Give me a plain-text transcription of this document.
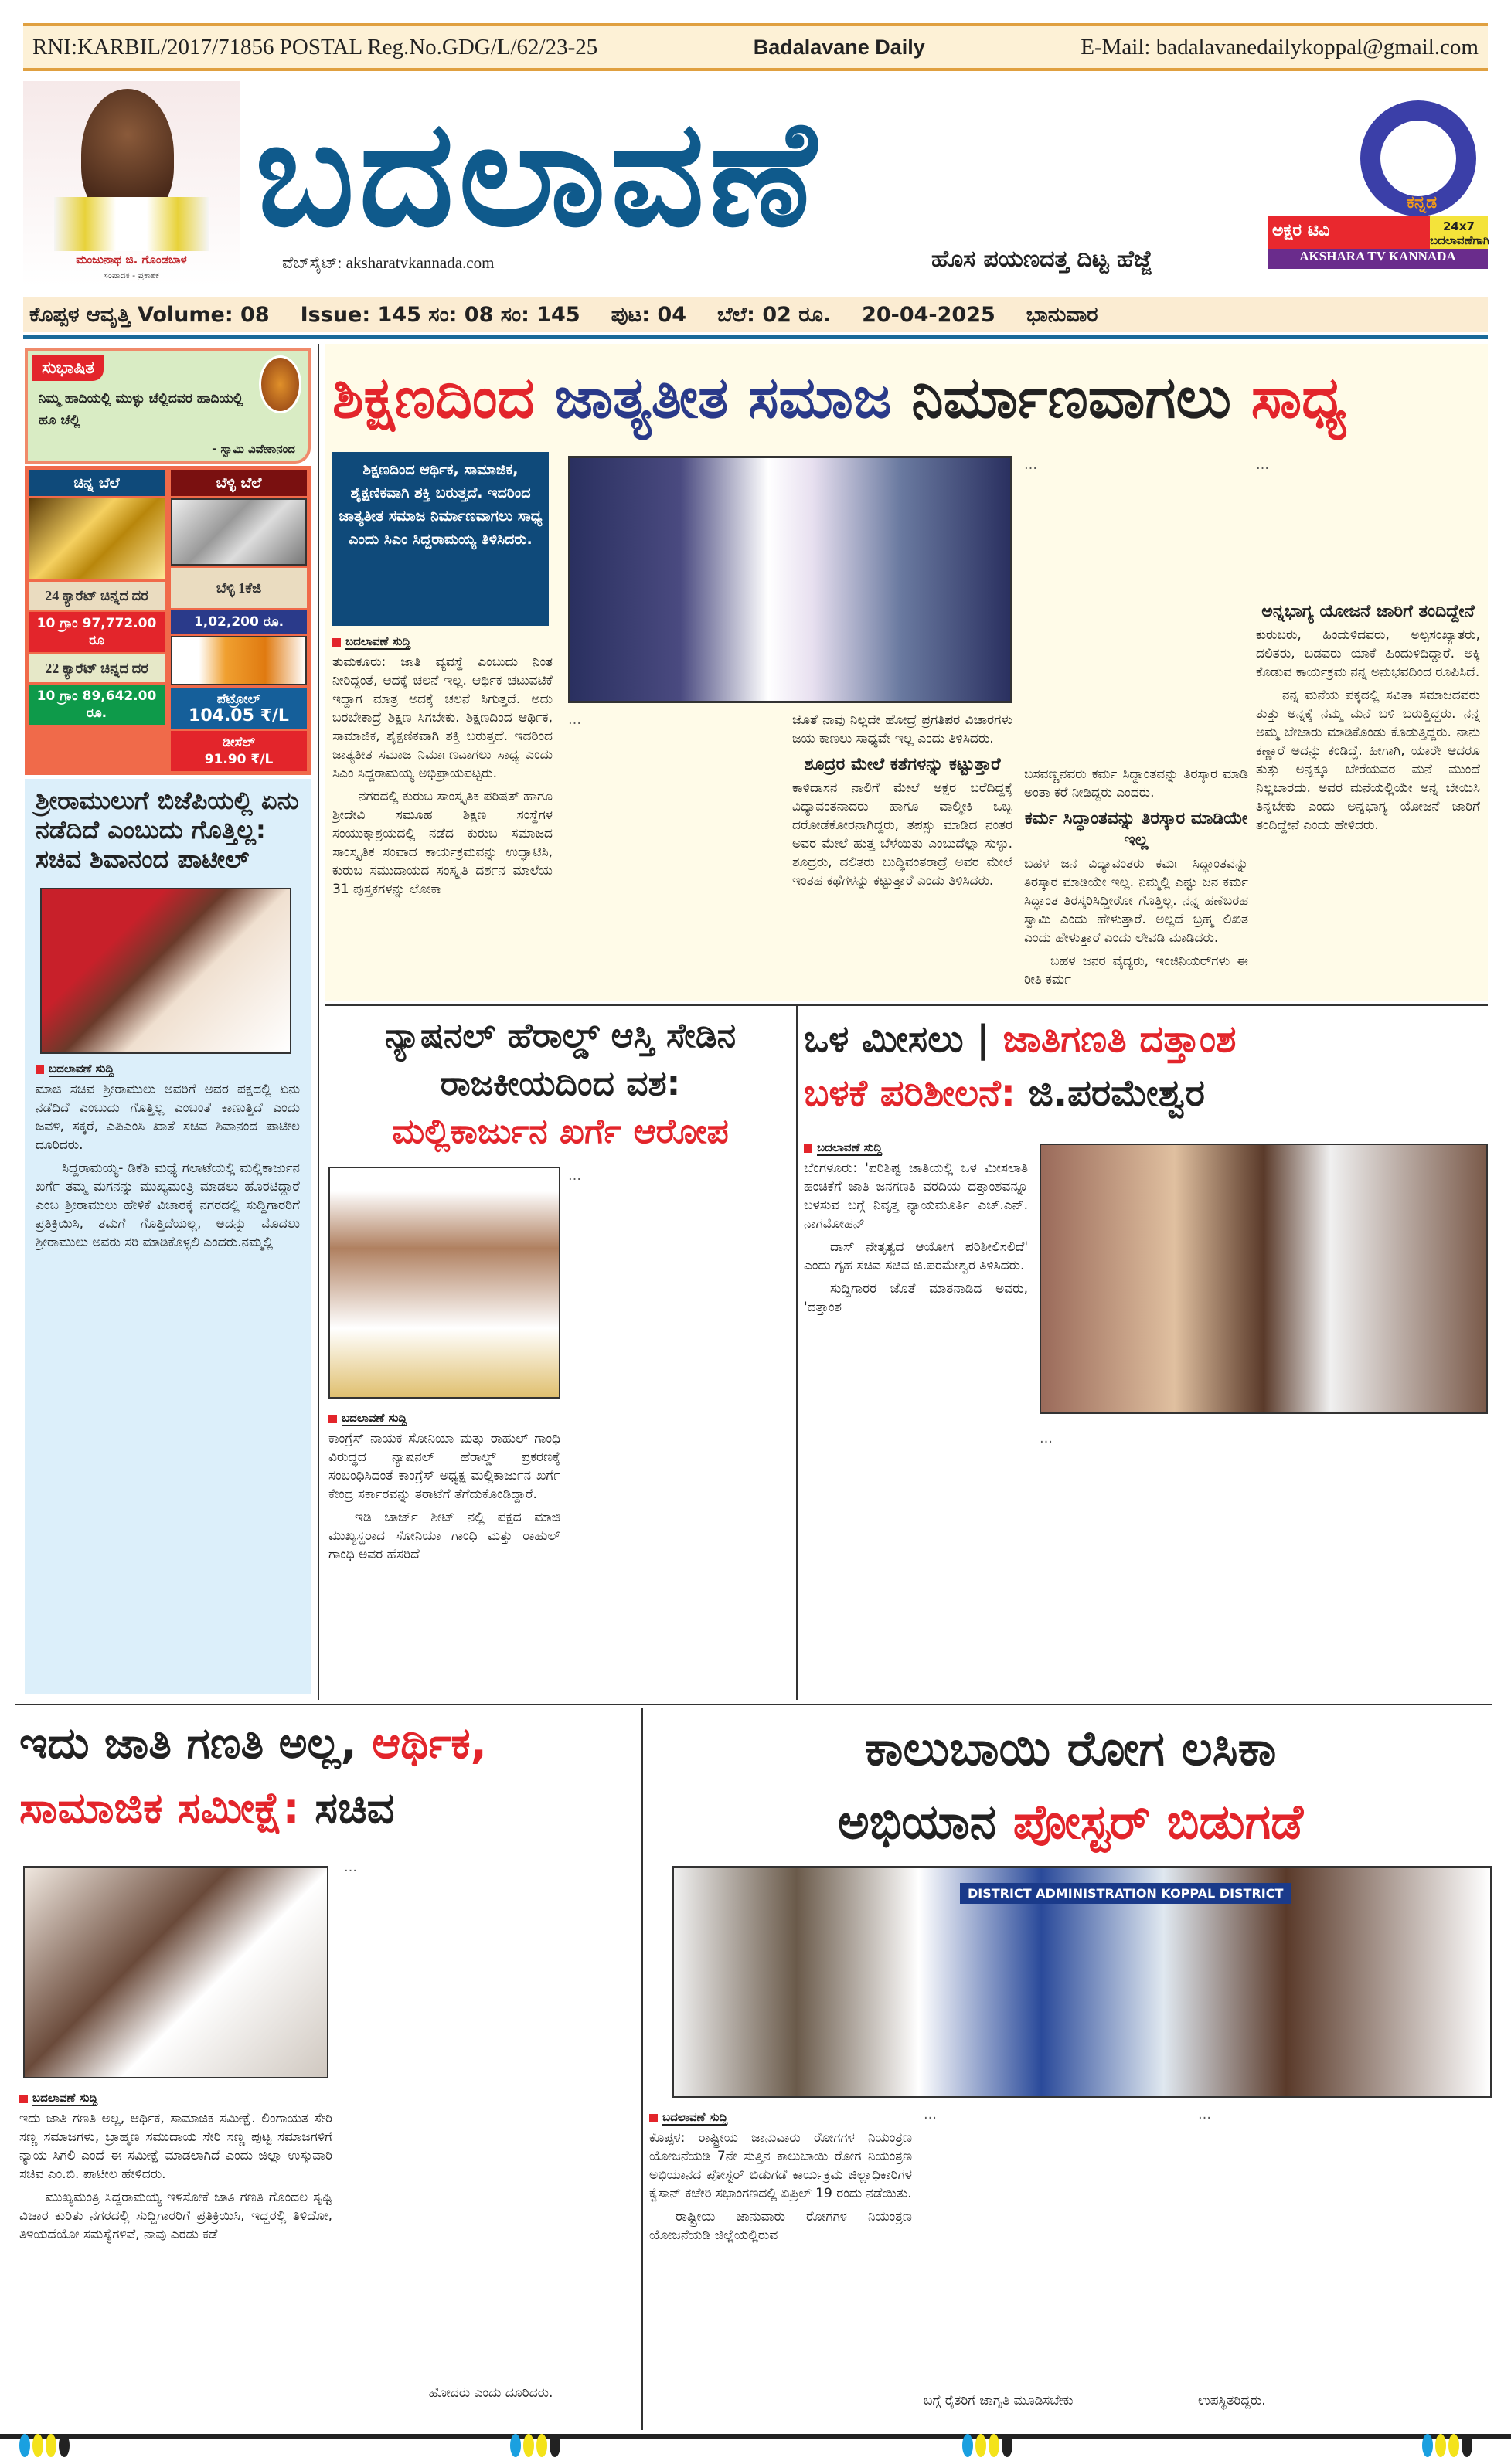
RNI:KARBIL/2017/71856 POSTAL Reg.No.GDG/L/62/23-25	Badalavane Daily	E-Mail: badalavanedailykoppal@gmail.com
ಮಂಜುನಾಥ ಜಿ. ಗೊಂಡಬಾಳ
ಸಂಪಾದಕ - ಪ್ರಕಾಶಕ
ಬದಲಾವಣೆ
ವೆಬ್‌ಸೈಟ್: aksharatvkannada.com	ಹೊಸ ಪಯಣದತ್ತ ದಿಟ್ಟ ಹೆಜ್ಜೆ
ಕನ್ನಡ
ಅಕ್ಷರ ಟಿವಿ	24x7 ಬದಲಾವಣೆಗಾಗಿ
AKSHARA TV KANNADA
ಕೊಪ್ಪಳ ಆವೃತ್ತಿ Volume: 08 Issue: 145 ಸಂ: 08 ಸಂ: 145 ಪುಟ: 04 ಬೆಲೆ: 02 ರೂ. 20-04-2025 ಭಾನುವಾರ
ಸುಭಾಷಿತ
ನಿಮ್ಮ ಹಾದಿಯಲ್ಲಿ ಮುಳ್ಳು ಚೆಲ್ಲಿದವರ ಹಾದಿಯಲ್ಲಿ ಹೂ ಚೆಲ್ಲಿ
- ಸ್ವಾಮಿ ವಿವೇಕಾನಂದ
ಚಿನ್ನ ಬೆಲೆ
24 ಕ್ಯಾರೆಟ್ ಚಿನ್ನದ ದರ
10 ಗ್ರಾಂ 97,772.00 ರೂ
22 ಕ್ಯಾರೆಟ್ ಚಿನ್ನದ ದರ
10 ಗ್ರಾಂ 89,642.00 ರೂ.
ಬೆಳ್ಳಿ ಬೆಲೆ
ಬೆಳ್ಳಿ 1ಕೆಜಿ
1,02,200 ರೂ.
ಪೆಟ್ರೋಲ್
104.05 ₹/L
ಡೀಸೆಲ್
91.90 ₹/L
ಶ್ರೀರಾಮುಲುಗೆ ಬಿಜೆಪಿಯಲ್ಲಿ ಏನು ನಡೆದಿದೆ ಎಂಬುದು ಗೊತ್ತಿಲ್ಲ: ಸಚಿವ ಶಿವಾನಂದ ಪಾಟೀಲ್
ಬದಲಾವಣೆ ಸುದ್ದಿ

ಮಾಜಿ ಸಚಿವ ಶ್ರೀರಾಮುಲು ಅವರಿಗೆ ಅವರ ಪಕ್ಷದಲ್ಲಿ ಏನು ನಡೆದಿದೆ ಎಂಬುದು ಗೊತ್ತಿಲ್ಲ ಎಂಬಂತೆ ಕಾಣುತ್ತಿದೆ ಎಂದು ಜವಳಿ, ಸಕ್ಕರೆ, ಎಪಿಎಂಸಿ ಖಾತೆ ಸಚಿವ ಶಿವಾನಂದ ಪಾಟೀಲ ದೂರಿದರು.

ಸಿದ್ದರಾಮಯ್ಯ- ಡಿಕೆಶಿ ಮಧ್ಯೆ ಗಲಾಟೆಯಲ್ಲಿ ಮಲ್ಲಿಕಾರ್ಜುನ ಖರ್ಗೆ ತಮ್ಮ ಮಗನನ್ನು ಮುಖ್ಯಮಂತ್ರಿ ಮಾಡಲು ಹೊರಟಿದ್ದಾರೆ ಎಂಬ ಶ್ರೀರಾಮುಲು ಹೇಳಿಕೆ ವಿಚಾರಕ್ಕೆ ನಗರದಲ್ಲಿ ಸುದ್ದಿಗಾರರಿಗೆ ಪ್ರತಿಕ್ರಿಯಿಸಿ, ತಮಗೆ ಗೊತ್ತಿದೆಯಲ್ಲ, ಅದನ್ನು ಮೊದಲು ಶ್ರೀರಾಮುಲು ಅವರು ಸರಿ ಮಾಡಿಕೊಳ್ಳಲಿ ಎಂದರು.ನಮ್ಮಲ್ಲಿ

ಶಿಕ್ಷಣದಿಂದ ಜಾತ್ಯತೀತ ಸಮಾಜ ನಿರ್ಮಾಣವಾಗಲು ಸಾಧ್ಯ
ಶಿಕ್ಷಣದಿಂದ ಆರ್ಥಿಕ, ಸಾಮಾಜಿಕ, ಶೈಕ್ಷಣಿಕವಾಗಿ ಶಕ್ತಿ ಬರುತ್ತದೆ. ಇದರಿಂದ ಜಾತ್ಯತೀತ ಸಮಾಜ ನಿರ್ಮಾಣವಾಗಲು ಸಾಧ್ಯ ಎಂದು ಸಿಎಂ ಸಿದ್ದರಾಮಯ್ಯ ತಿಳಿಸಿದರು.
ಬದಲಾವಣೆ ಸುದ್ದಿ

ತುಮಕೂರು: ಜಾತಿ ವ್ಯವಸ್ಥೆ ಎಂಬುದು ನಿಂತ ನೀರಿದ್ದಂತೆ, ಅದಕ್ಕೆ ಚಲನೆ ಇಲ್ಲ. ಆರ್ಥಿಕ ಚಟುವಟಿಕೆ ಇದ್ದಾಗ ಮಾತ್ರ ಅದಕ್ಕೆ ಚಲನೆ ಸಿಗುತ್ತದೆ. ಅದು ಬರಬೇಕಾದ್ರೆ ಶಿಕ್ಷಣ ಸಿಗಬೇಕು. ಶಿಕ್ಷಣದಿಂದ ಆರ್ಥಿಕ, ಸಾಮಾಜಿಕ, ಶೈಕ್ಷಣಿಕವಾಗಿ ಶಕ್ತಿ ಬರುತ್ತದೆ. ಇದರಿಂದ ಜಾತ್ಯತೀತ ಸಮಾಜ ನಿರ್ಮಾಣವಾಗಲು ಸಾಧ್ಯ ಎಂದು ಸಿಎಂ ಸಿದ್ದರಾಮಯ್ಯ ಅಭಿಪ್ರಾಯಪಟ್ಟರು.

ನಗರದಲ್ಲಿ ಕುರುಬ ಸಾಂಸ್ಕೃತಿಕ ಪರಿಷತ್ ಹಾಗೂ ಶ್ರೀದೇವಿ ಸಮೂಹ ಶಿಕ್ಷಣ ಸಂಸ್ಥೆಗಳ ಸಂಯುಕ್ತಾಶ್ರಯದಲ್ಲಿ ನಡೆದ ಕುರುಬ ಸಮಾಜದ ಸಾಂಸ್ಕೃತಿಕ ಸಂವಾದ ಕಾರ್ಯಕ್ರಮವನ್ನು ಉದ್ಘಾಟಿಸಿ, ಕುರುಬ ಸಮುದಾಯದ ಸಂಸ್ಕೃತಿ ದರ್ಶನ ಮಾಲೆಯ 31 ಪುಸ್ತಕಗಳನ್ನು ಲೋಕಾ

…	ಜೊತೆ ನಾವು ನಿಲ್ಲದೇ ಹೋದ್ರೆ ಪ್ರಗತಿಪರ ವಿಚಾರಗಳು ಜಯ ಕಾಣಲು ಸಾಧ್ಯವೇ ಇಲ್ಲ ಎಂದು ತಿಳಿಸಿದರು.

ಶೂದ್ರರ ಮೇಲೆ ಕತೆಗಳನ್ನು ಕಟ್ಟುತ್ತಾರೆ

ಕಾಳಿದಾಸನ ನಾಲಿಗೆ ಮೇಲೆ ಅಕ್ಷರ ಬರೆದಿದ್ದಕ್ಕೆ ವಿದ್ಯಾವಂತನಾದರು ಹಾಗೂ ವಾಲ್ಮೀಕಿ ಒಬ್ಬ ದರೋಡೆಕೋರನಾಗಿದ್ದರು, ತಪಸ್ಸು ಮಾಡಿದ ನಂತರ ಅವರ ಮೇಲೆ ಹುತ್ತ ಬೆಳೆಯಿತು ಎಂಬುದೆಲ್ಲಾ ಸುಳ್ಳು. ಶೂದ್ರರು, ದಲಿತರು ಬುದ್ಧಿವಂತರಾದ್ರೆ ಅವರ ಮೇಲೆ ಇಂತಹ ಕಥೆಗಳನ್ನು ಕಟ್ಟುತ್ತಾರೆ ಎಂದು ತಿಳಿಸಿದರು.

…

ಬಸವಣ್ಣನವರು ಕರ್ಮ ಸಿದ್ಧಾಂತವನ್ನು ತಿರಸ್ಕಾರ ಮಾಡಿ ಅಂತಾ ಕರೆ ನೀಡಿದ್ದರು ಎಂದರು.

ಕರ್ಮ ಸಿದ್ಧಾಂತವನ್ನು ತಿರಸ್ಕಾರ ಮಾಡಿಯೇ ಇಲ್ಲ

ಬಹಳ ಜನ ವಿದ್ಯಾವಂತರು ಕರ್ಮ ಸಿದ್ಧಾಂತವನ್ನು ತಿರಸ್ಕಾರ ಮಾಡಿಯೇ ಇಲ್ಲ. ನಿಮ್ಮಲ್ಲಿ ಎಷ್ಟು ಜನ ಕರ್ಮ ಸಿದ್ಧಾಂತ ತಿರಸ್ಕರಿಸಿದ್ದೀರೋ ಗೊತ್ತಿಲ್ಲ. ನನ್ನ ಹಣೆಬರಹ ಸ್ವಾಮಿ ಎಂದು ಹೇಳುತ್ತಾರೆ. ಅಲ್ಲದೆ ಬ್ರಹ್ಮ ಲಿಖಿತ ಎಂದು ಹೇಳುತ್ತಾರೆ ಎಂದು ಲೇವಡಿ ಮಾಡಿದರು.

ಬಹಳ ಜನರ ವೈದ್ಯರು, ಇಂಜಿನಿಯರ್‌ಗಳು ಈ ರೀತಿ ಕರ್ಮ

…

ಅನ್ನಭಾಗ್ಯ ಯೋಜನೆ ಜಾರಿಗೆ ತಂದಿದ್ದೇನೆ

ಕುರುಬರು, ಹಿಂದುಳಿದವರು, ಅಲ್ಪಸಂಖ್ಯಾತರು, ದಲಿತರು, ಬಡವರು ಯಾಕೆ ಹಿಂದುಳಿದಿದ್ದಾರೆ. ಅಕ್ಕಿ ಕೊಡುವ ಕಾರ್ಯಕ್ರಮ ನನ್ನ ಅನುಭವದಿಂದ ರೂಪಿಸಿದೆ.

ನನ್ನ ಮನೆಯ ಪಕ್ಕದಲ್ಲಿ ಸವಿತಾ ಸಮಾಜದವರು ತುತ್ತು ಅನ್ನಕ್ಕೆ ನಮ್ಮ ಮನೆ ಬಳಿ ಬರುತ್ತಿದ್ದರು. ನನ್ನ ಅಮ್ಮ ಬೇಜಾರು ಮಾಡಿಕೊಂಡು ಕೊಡುತ್ತಿದ್ದರು. ನಾನು ಕಣ್ಣಾರೆ ಅದನ್ನು ಕಂಡಿದ್ದೆ. ಹೀಗಾಗಿ, ಯಾರೇ ಆದರೂ ತುತ್ತು ಅನ್ನಕ್ಕೂ ಬೇರೆಯವರ ಮನೆ ಮುಂದೆ ನಿಲ್ಲಬಾರದು. ಅವರ ಮನೆಯಲ್ಲಿಯೇ ಅನ್ನ ಬೇಯಿಸಿ ತಿನ್ನಬೇಕು ಎಂದು ಅನ್ನಭಾಗ್ಯ ಯೋಜನೆ ಜಾರಿಗೆ ತಂದಿದ್ದೇನೆ ಎಂದು ಹೇಳಿದರು.

ನ್ಯಾಷನಲ್ ಹೆರಾಲ್ಡ್ ಆಸ್ತಿ ಸೇಡಿನ ರಾಜಕೀಯದಿಂದ ವಶ:
ಮಲ್ಲಿಕಾರ್ಜುನ ಖರ್ಗೆ ಆರೋಪ

…

ಬದಲಾವಣೆ ಸುದ್ದಿ

ಕಾಂಗ್ರೆಸ್ ನಾಯಕ ಸೋನಿಯಾ ಮತ್ತು ರಾಹುಲ್ ಗಾಂಧಿ ವಿರುದ್ಧದ ನ್ಯಾಷನಲ್ ಹೆರಾಲ್ಡ್ ಪ್ರಕರಣಕ್ಕೆ ಸಂಬಂಧಿಸಿದಂತೆ ಕಾಂಗ್ರೆಸ್ ಅಧ್ಯಕ್ಷ ಮಲ್ಲಿಕಾರ್ಜುನ ಖರ್ಗೆ ಕೇಂದ್ರ ಸರ್ಕಾರವನ್ನು ತರಾಟೆಗೆ ತೆಗೆದುಕೊಂಡಿದ್ದಾರೆ.

ಇಡಿ ಚಾರ್ಜ್ ಶೀಟ್ ನಲ್ಲಿ ಪಕ್ಷದ ಮಾಜಿ ಮುಖ್ಯಸ್ಥರಾದ ಸೋನಿಯಾ ಗಾಂಧಿ ಮತ್ತು ರಾಹುಲ್ ಗಾಂಧಿ ಅವರ ಹೆಸರಿದೆ

ಒಳ ಮೀಸಲು | ಜಾತಿಗಣತಿ ದತ್ತಾಂಶ
ಬಳಕೆ ಪರಿಶೀಲನೆ: ಜಿ.ಪರಮೇಶ್ವರ
ಬದಲಾವಣೆ ಸುದ್ದಿ

ಬೆಂಗಳೂರು: 'ಪರಿಶಿಷ್ಟ ಜಾತಿಯಲ್ಲಿ ಒಳ ಮೀಸಲಾತಿ ಹಂಚಿಕೆಗೆ ಜಾತಿ ಜನಗಣತಿ ವರದಿಯ ದತ್ತಾಂಶವನ್ನೂ ಬಳಸುವ ಬಗ್ಗೆ ನಿವೃತ್ತ ನ್ಯಾಯಮೂರ್ತಿ ಎಚ್.ಎನ್. ನಾಗಮೋಹನ್

ದಾಸ್ ನೇತೃತ್ವದ ಆಯೋಗ ಪರಿಶೀಲಿಸಲಿದೆ' ಎಂದು ಗೃಹ ಸಚಿವ ಸಚಿವ ಜಿ.ಪರಮೇಶ್ವರ ತಿಳಿಸಿದರು.

ಸುದ್ದಿಗಾರರ ಜೊತೆ ಮಾತನಾಡಿದ ಅವರು, 'ದತ್ತಾಂಶ

…

ಇದು ಜಾತಿ ಗಣತಿ ಅಲ್ಲ, ಆರ್ಥಿಕ,
ಸಾಮಾಜಿಕ ಸಮೀಕ್ಷೆ: ಸಚಿವ
ಬದಲಾವಣೆ ಸುದ್ದಿ

ಇದು ಜಾತಿ ಗಣತಿ ಅಲ್ಲ, ಆರ್ಥಿಕ, ಸಾಮಾಜಿಕ ಸಮೀಕ್ಷೆ. ಲಿಂಗಾಯತ ಸೇರಿ ಸಣ್ಣ ಸಮಾಜಗಳು, ಬ್ರಾಹ್ಮಣ ಸಮುದಾಯ ಸೇರಿ ಸಣ್ಣ ಪುಟ್ಟ ಸಮಾಜಗಳಿಗೆ ನ್ಯಾಯ ಸಿಗಲಿ ಎಂದೆ ಈ ಸಮೀಕ್ಷೆ ಮಾಡಲಾಗಿದೆ ಎಂದು ಜಿಲ್ಲಾ ಉಸ್ತುವಾರಿ ಸಚಿವ ಎಂ.ಬಿ. ಪಾಟೀಲ ಹೇಳಿದರು.

ಮುಖ್ಯಮಂತ್ರಿ ಸಿದ್ದರಾಮಯ್ಯ ಇಳಿಸೋಕೆ ಜಾತಿ ಗಣತಿ ಗೊಂದಲ ಸೃಷ್ಟಿ ವಿಚಾರ ಕುರಿತು ನಗರದಲ್ಲಿ ಸುದ್ದಿಗಾರರಿಗೆ ಪ್ರತಿಕ್ರಿಯಿಸಿ, ಇದ್ದರಲ್ಲಿ ತಿಳಿದೋ, ತಿಳಿಯದೆಯೋ ಸಮಸ್ಯೆಗಳಿವೆ, ನಾವು ಎರಡು ಕಡೆ

…

ಹೋದರು ಎಂದು ದೂರಿದರು.
ಕಾಲುಬಾಯಿ ರೋಗ ಲಸಿಕಾ
ಅಭಿಯಾನ ಪೋಸ್ಟರ್ ಬಿಡುಗಡೆ
DISTRICT ADMINISTRATION KOPPAL DISTRICT
ಬದಲಾವಣೆ ಸುದ್ದಿ

ಕೊಪ್ಪಳ: ರಾಷ್ಟ್ರೀಯ ಜಾನುವಾರು ರೋಗಗಳ ನಿಯಂತ್ರಣ ಯೋಜನೆಯಡಿ 7ನೇ ಸುತ್ತಿನ ಕಾಲುಬಾಯಿ ರೋಗ ನಿಯಂತ್ರಣ ಅಭಿಯಾನದ ಪೋಸ್ಟರ್ ಬಿಡುಗಡೆ ಕಾರ್ಯಕ್ರಮ ಜಿಲ್ಲಾಧಿಕಾರಿಗಳ ಕ್ವೆಸಾನ್ ಕಚೇರಿ ಸಭಾಂಗಣದಲ್ಲಿ ಏಪ್ರಿಲ್ 19 ರಂದು ನಡೆಯಿತು.

ರಾಷ್ಟ್ರೀಯ ಜಾನುವಾರು ರೋಗಗಳ ನಿಯಂತ್ರಣ ಯೋಜನೆಯಡಿ ಜಿಲ್ಲೆಯಲ್ಲಿರುವ

…

ಬಗ್ಗೆ ರೈತರಿಗೆ ಜಾಗೃತಿ ಮೂಡಿಸಬೇಕು

…

ಉಪಸ್ಥಿತರಿದ್ದರು.
